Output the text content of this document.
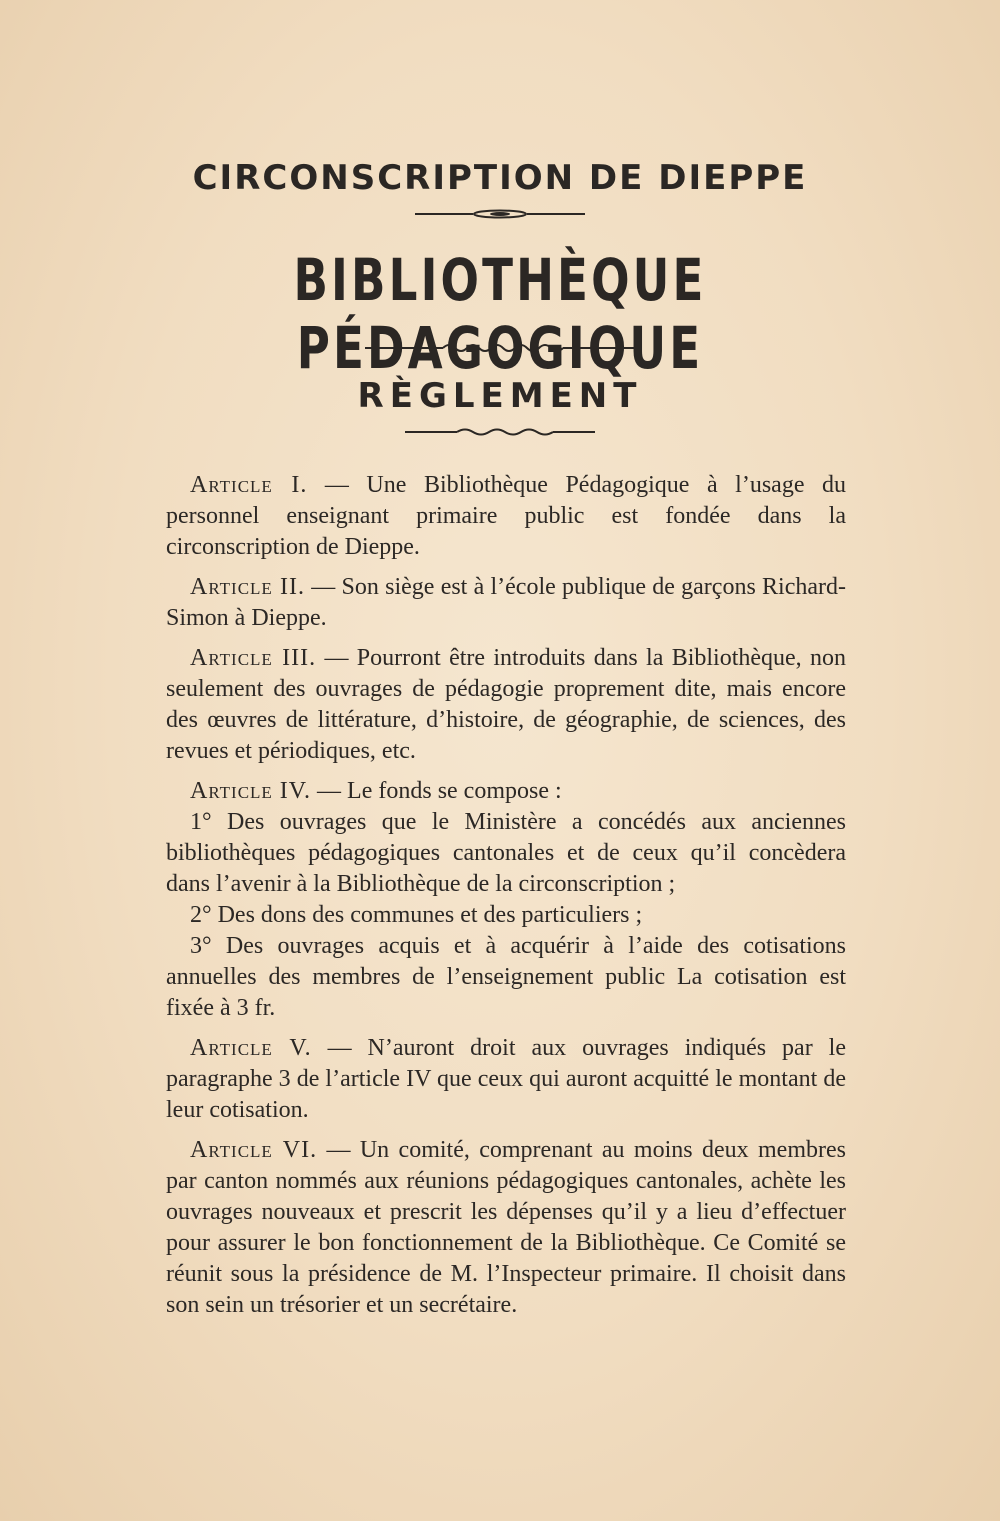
CIRCONSCRIPTION DE DIEPPE
BIBLIOTHÈQUE PÉDAGOGIQUE
RÈGLEMENT

Article I. — Une Bibliothèque Pédagogique à l’usage du personnel enseignant primaire public est fondée dans la circonscription de Dieppe.

Article II. — Son siège est à l’école publique de garçons Richard-Simon à Dieppe.

Article III. — Pourront être introduits dans la Bibliothèque, non seulement des ouvrages de pédagogie proprement dite, mais encore des œuvres de littérature, d’histoire, de géographie, de sciences, des revues et périodiques, etc.

Article IV. — Le fonds se compose :

1° Des ouvrages que le Ministère a concédés aux anciennes bibliothèques pédagogiques cantonales et de ceux qu’il concèdera dans l’avenir à la Bibliothèque de la circonscription ;

2° Des dons des communes et des particuliers ;

3° Des ouvrages acquis et à acquérir à l’aide des cotisations annuelles des membres de l’enseignement public La cotisation est fixée à 3 fr.

Article V. — N’auront droit aux ouvrages indiqués par le paragraphe 3 de l’article IV que ceux qui auront acquitté le montant de leur cotisation.

Article VI. — Un comité, comprenant au moins deux membres par canton nommés aux réunions pédagogiques cantonales, achète les ouvrages nouveaux et prescrit les dépenses qu’il y a lieu d’effectuer pour assurer le bon fonctionnement de la Bibliothèque. Ce Comité se réunit sous la présidence de M. l’Inspecteur primaire. Il choisit dans son sein un trésorier et un secrétaire.
